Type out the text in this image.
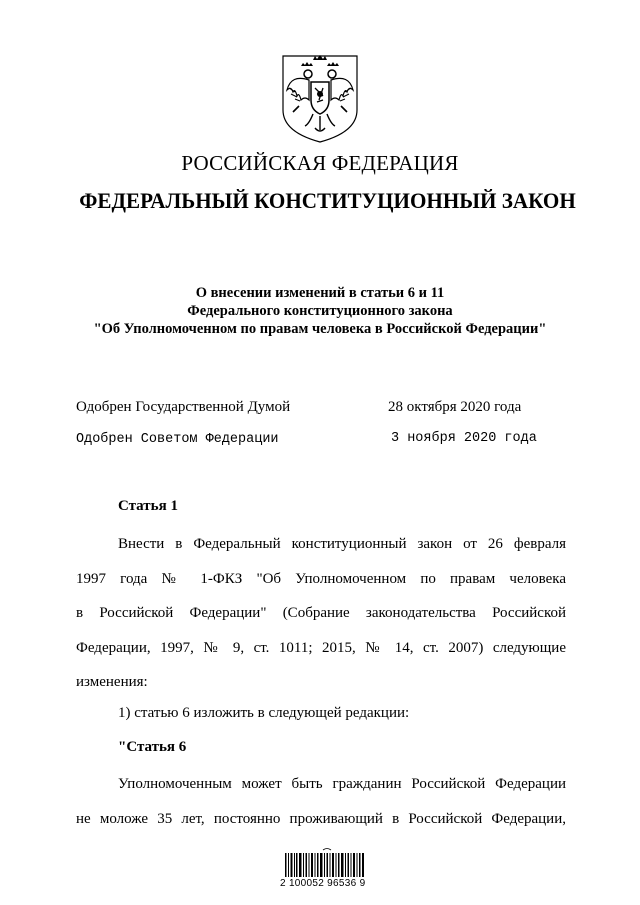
РОССИЙСКАЯ ФЕДЕРАЦИЯ
ФЕДЕРАЛЬНЫЙ КОНСТИТУЦИОННЫЙ ЗАКОН
О внесении изменений в статьи 6 и 11
Федерального конституционного закона
"Об Уполномоченном по правам человека в Российской Федерации"
Одобрен Государственной Думой	28 октября 2020 года
Одобрен Советом Федерации	3 ноября 2020 года
Статья 1
Внести в Федеральный конституционный закон от 26 февраля
1997 года № 1-ФКЗ "Об Уполномоченном по правам человека
в Российской Федерации" (Собрание законодательства Российской
Федерации, 1997, № 9, ст. 1011; 2015, № 14, ст. 2007) следующие
изменения:
1) статью 6 изложить в следующей редакции:
"Статья 6
Уполномоченным может быть гражданин Российской Федерации
не моложе 35 лет, постоянно проживающий в Российской Федерации,
2 100052 96536 9
